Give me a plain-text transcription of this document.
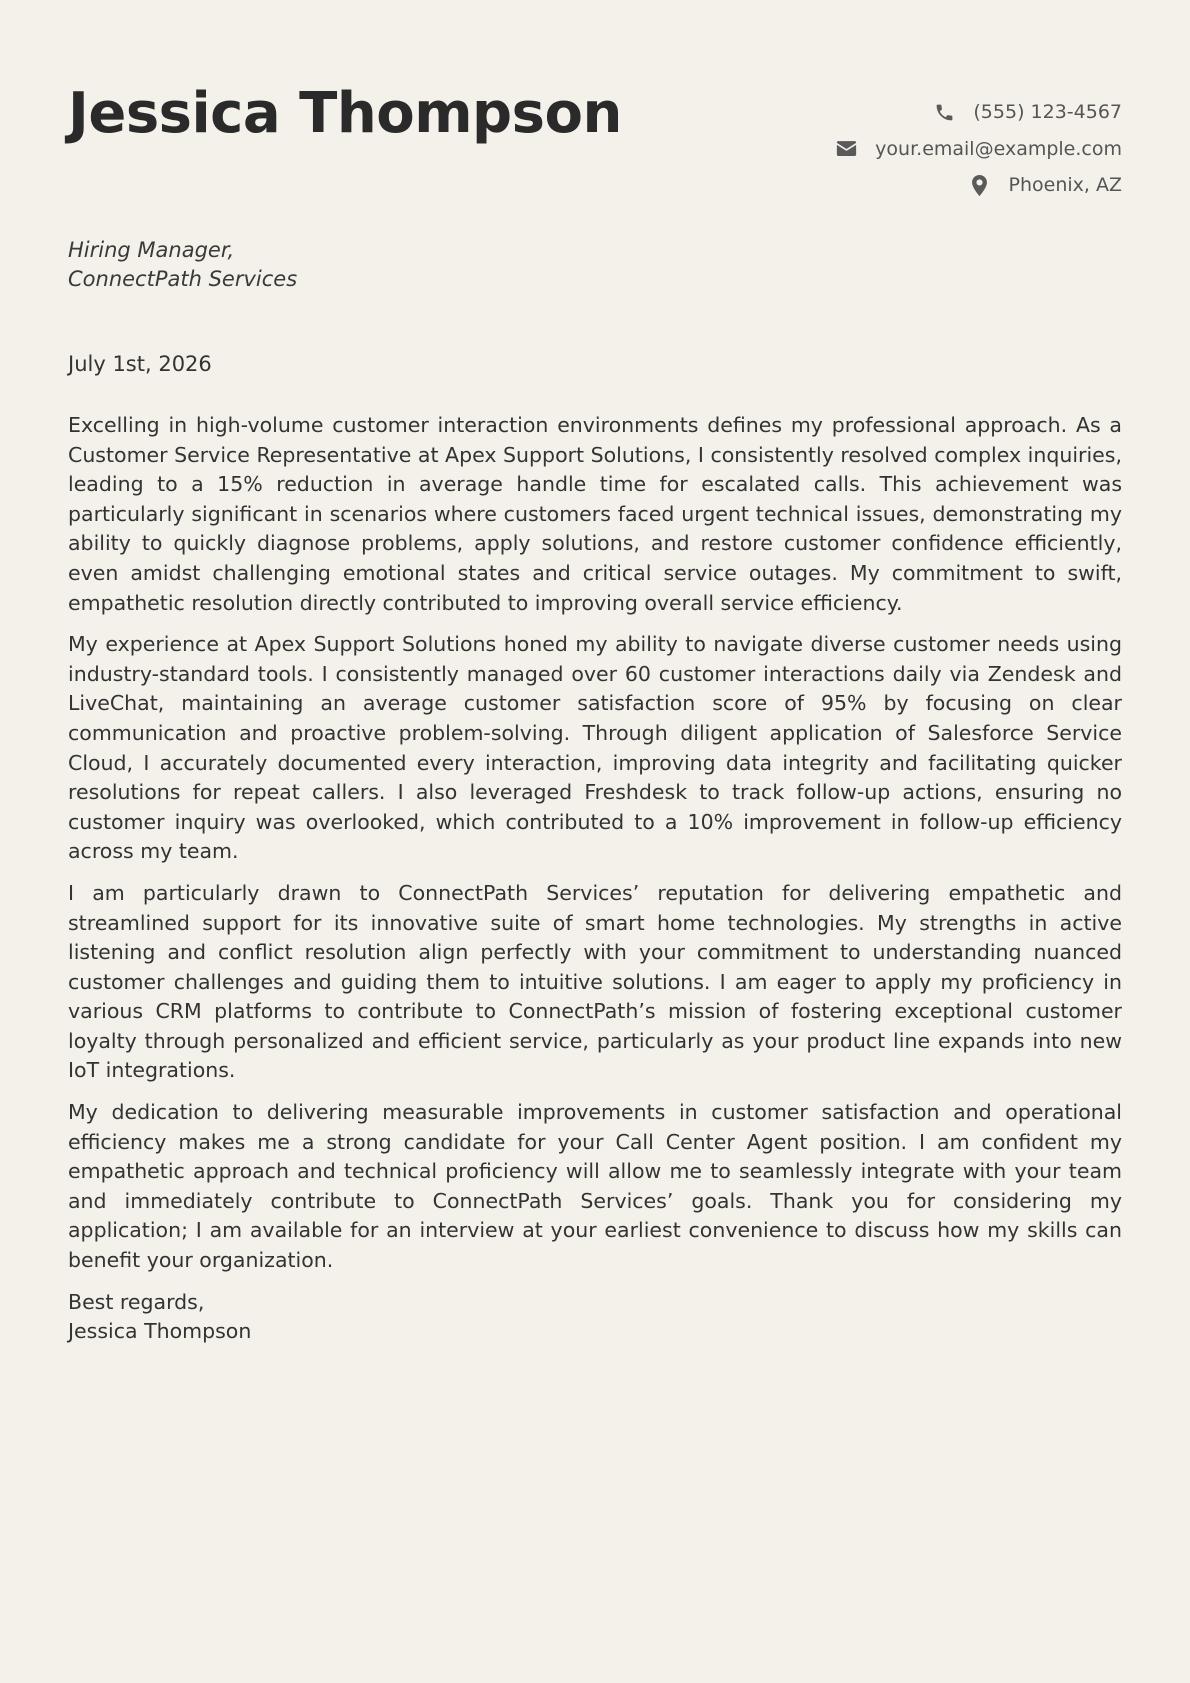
Jessica Thompson	(555) 123-4567
your.email@example.com
Phoenix, AZ
Hiring Manager,
ConnectPath Services
July 1st, 2026

Excelling in high-volume customer interaction environments defines my professional approach. As a Customer Service Representative at Apex Support Solutions, I consistently resolved complex inquiries, leading to a 15% reduction in average handle time for escalated calls. This achievement was particularly significant in scenarios where customers faced urgent technical issues, demonstrating my ability to quickly diagnose problems, apply solutions, and restore customer confidence efficiently, even amidst challenging emotional states and critical service outages. My commitment to swift, empathetic resolution directly contributed to improving overall service efficiency.

My experience at Apex Support Solutions honed my ability to navigate diverse customer needs using industry-standard tools. I consistently managed over 60 customer interactions daily via Zendesk and LiveChat, maintaining an average customer satisfaction score of 95% by focusing on clear communication and proactive problem-solving. Through diligent application of Salesforce Service Cloud, I accurately documented every interaction, improving data integrity and facilitating quicker resolutions for repeat callers. I also leveraged Freshdesk to track follow-up actions, ensuring no customer inquiry was overlooked, which contributed to a 10% improvement in follow-up efficiency across my team.

I am particularly drawn to ConnectPath Services’ reputation for delivering empathetic and streamlined support for its innovative suite of smart home technologies. My strengths in active listening and conflict resolution align perfectly with your commitment to understanding nuanced customer challenges and guiding them to intuitive solutions. I am eager to apply my proficiency in various CRM platforms to contribute to ConnectPath’s mission of fostering exceptional customer loyalty through personalized and efficient service, particularly as your product line expands into new IoT integrations.

My dedication to delivering measurable improvements in customer satisfaction and operational efficiency makes me a strong candidate for your Call Center Agent position. I am confident my empathetic approach and technical proficiency will allow me to seamlessly integrate with your team and immediately contribute to ConnectPath Services’ goals. Thank you for considering my application; I am available for an interview at your earliest convenience to discuss how my skills can benefit your organization.

Best regards,
Jessica Thompson
